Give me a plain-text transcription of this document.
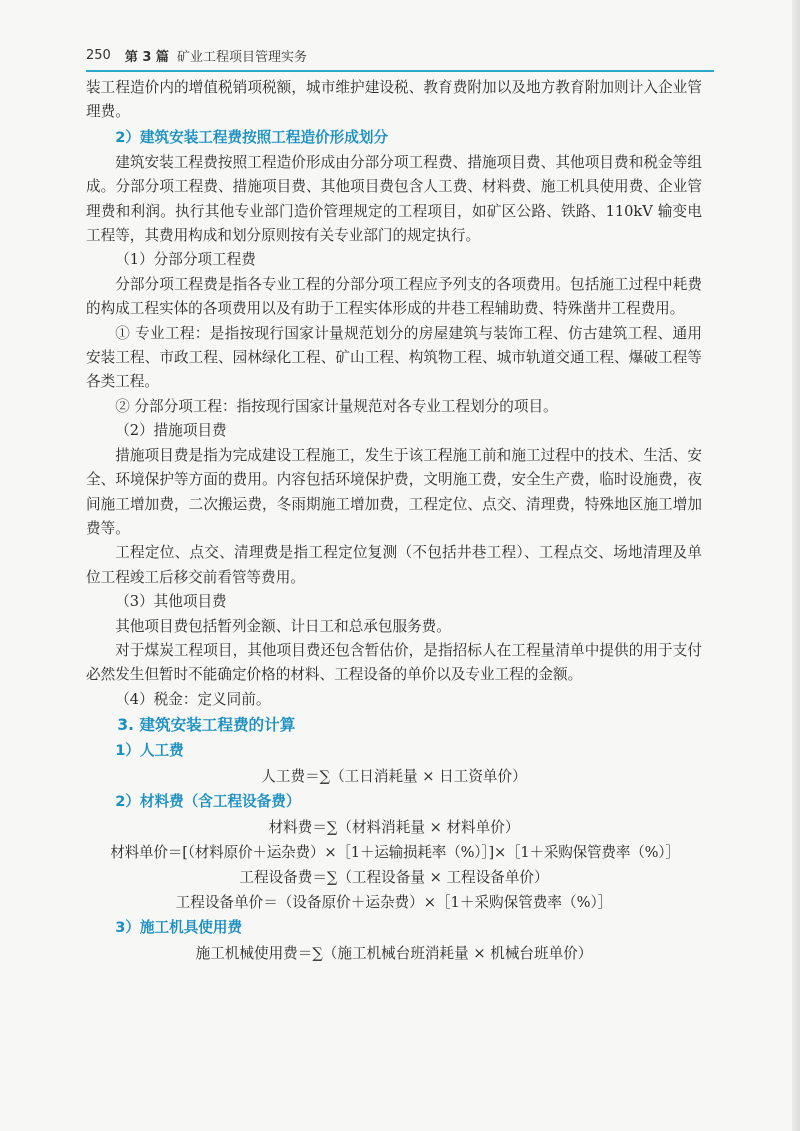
250 第 3 篇 矿业工程项目管理实务

装工程造价内的增值税销项税额，城市维护建设税、教育费附加以及地方教育附加则计入企业管理费。

2）建筑安装工程费按照工程造价形成划分

建筑安装工程费按照工程造价形成由分部分项工程费、措施项目费、其他项目费和税金等组成。分部分项工程费、措施项目费、其他项目费包含人工费、材料费、施工机具使用费、企业管理费和利润。执行其他专业部门造价管理规定的工程项目，如矿区公路、铁路、110kV 输变电工程等，其费用构成和划分原则按有关专业部门的规定执行。

（1）分部分项工程费

分部分项工程费是指各专业工程的分部分项工程应予列支的各项费用。包括施工过程中耗费的构成工程实体的各项费用以及有助于工程实体形成的井巷工程辅助费、特殊凿井工程费用。

① 专业工程：是指按现行国家计量规范划分的房屋建筑与装饰工程、仿古建筑工程、通用安装工程、市政工程、园林绿化工程、矿山工程、构筑物工程、城市轨道交通工程、爆破工程等各类工程。

② 分部分项工程：指按现行国家计量规范对各专业工程划分的项目。

（2）措施项目费

措施项目费是指为完成建设工程施工，发生于该工程施工前和施工过程中的技术、生活、安全、环境保护等方面的费用。内容包括环境保护费，文明施工费，安全生产费，临时设施费，夜间施工增加费，二次搬运费，冬雨期施工增加费，工程定位、点交、清理费，特殊地区施工增加费等。

工程定位、点交、清理费是指工程定位复测（不包括井巷工程）、工程点交、场地清理及单位工程竣工后移交前看管等费用。

（3）其他项目费

其他项目费包括暂列金额、计日工和总承包服务费。

对于煤炭工程项目，其他项目费还包含暂估价，是指招标人在工程量清单中提供的用于支付必然发生但暂时不能确定价格的材料、工程设备的单价以及专业工程的金额。

（4）税金：定义同前。

3. 建筑安装工程费的计算

1）人工费

人工费＝∑（工日消耗量 × 日工资单价）

2）材料费（含工程设备费）

材料费＝∑（材料消耗量 × 材料单价）

材料单价＝[（材料原价＋运杂费）×［1＋运输损耗率（%）］]×［1＋采购保管费率（%）］

工程设备费＝∑（工程设备量 × 工程设备单价）

工程设备单价＝（设备原价＋运杂费）×［1＋采购保管费率（%）］

3）施工机具使用费

施工机械使用费＝∑（施工机械台班消耗量 × 机械台班单价）
